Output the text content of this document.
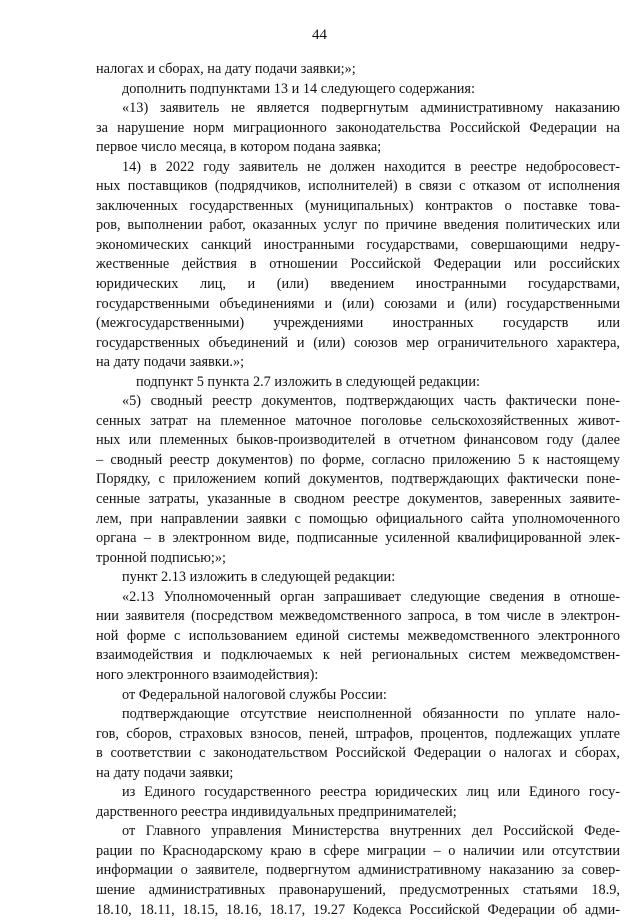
44
налогах и сборах, на дату подачи заявки;»;
дополнить подпунктами 13 и 14 следующего содержания:
«13) заявитель не является подвергнутым административному наказанию
за нарушение норм миграционного законодательства Российской Федерации на
первое число месяца, в котором подана заявка;
14) в 2022 году заявитель не должен находится в реестре недобросовест-
ных поставщиков (подрядчиков, исполнителей) в связи с отказом от исполнения
заключенных государственных (муниципальных) контрактов о поставке това-
ров, выполнении работ, оказанных услуг по причине введения политических или
экономических санкций иностранными государствами, совершающими недру-
жественные действия в отношении Российской Федерации или российских
юридических лиц, и (или) введением иностранными государствами,
государственными объединениями и (или) союзами и (или) государственными
(межгосударственными) учреждениями иностранных государств или
государственных объединений и (или) союзов мер ограничительного характера,
на дату подачи заявки.»;
подпункт 5 пункта 2.7 изложить в следующей редакции:
«5) сводный реестр документов, подтверждающих часть фактически поне-
сенных затрат на племенное маточное поголовье сельскохозяйственных живот-
ных или племенных быков-производителей в отчетном финансовом году (далее
– сводный реестр документов) по форме, согласно приложению 5 к настоящему
Порядку, с приложением копий документов, подтверждающих фактически поне-
сенные затраты, указанные в сводном реестре документов, заверенных заявите-
лем, при направлении заявки с помощью официального сайта уполномоченного
органа – в электронном виде, подписанные усиленной квалифицированной элек-
тронной подписью;»;
пункт 2.13 изложить в следующей редакции:
«2.13 Уполномоченный орган запрашивает следующие сведения в отноше-
нии заявителя (посредством межведомственного запроса, в том числе в электрон-
ной форме с использованием единой системы межведомственного электронного
взаимодействия и подключаемых к ней региональных систем межведомствен-
ного электронного взаимодействия):
от Федеральной налоговой службы России:
подтверждающие отсутствие неисполненной обязанности по уплате нало-
гов, сборов, страховых взносов, пеней, штрафов, процентов, подлежащих уплате
в соответствии с законодательством Российской Федерации о налогах и сборах,
на дату подачи заявки;
из Единого государственного реестра юридических лиц или Единого госу-
дарственного реестра индивидуальных предпринимателей;
от Главного управления Министерства внутренних дел Российской Феде-
рации по Краснодарскому краю в сфере миграции – о наличии или отсутствии
информации о заявителе, подвергнутом административному наказанию за совер-
шение административных правонарушений, предусмотренных статьями 18.9,
18.10, 18.11, 18.15, 18.16, 18.17, 19.27 Кодекса Российской Федерации об адми-
